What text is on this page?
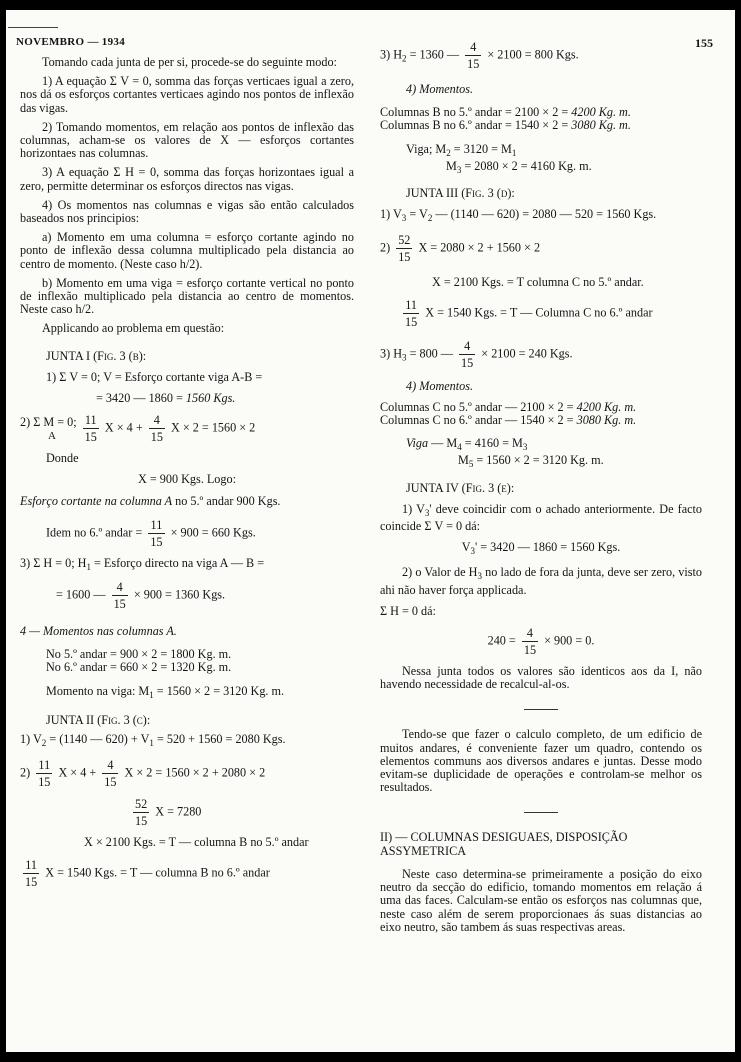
NOVEMBRO — 1934	155

Tomando cada junta de per si, procede-se do seguinte modo:

1) A equação Σ V = 0, somma das forças verticaes igual a zero, nos dá os esforços cortantes verticaes agindo nos pontos de inflexão das vigas.

2) Tomando momentos, em relação aos pontos de inflexão das columnas, acham-se os valores de X — esforços cortantes horizontaes nas columnas.

3) A equação Σ H = 0, somma das forças horizontaes igual a zero, permitte determinar os esforços directos nas vigas.

4) Os momentos nas columnas e vigas são então calculados baseados nos principios:

a) Momento em uma columna = esforço cortante agindo no ponto de inflexão dessa columna multiplicado pela distancia ao centro de momento. (Neste caso h/2).

b) Momento em uma viga = esforço cortante vertical no ponto de inflexão multiplicado pela distancia ao centro de momentos. Neste caso h/2.

Applicando ao problema em questão:

JUNTA I (Fig. 3 (b):

1) Σ V = 0; V = Esforço cortante viga A-B =

= 3420 — 1860 = 1560 Kgs.

2) Σ M = 0;
A
	$\frac{11}{15}$ $X \times 4 + \frac{4}{15}$ X × 2 = 1560 × 2

Donde

X = 900 Kgs. Logo:

Esforço cortante na columna A no 5.º andar 900 Kgs.

Idem no 6.º andar = $\frac{11}{15} \times 900 = 660$ Kgs.

3) Σ H = 0; $H_1$ = Esforço directo na viga A — B =

= 1600 — $\frac{4}{15} \times 900 = 1360$ Kgs.

4 — Momentos nas columnas A.

No 5.º andar = 900 × 2 = 1800 Kg. m.

No 6.º andar = 660 × 2 = 1320 Kg. m.

Momento na viga: $M_1 = 1560 \times 2 = 3120$ Kg. m.

JUNTA II (Fig. 3 (c):

1) $V_2 = (1140$ — $620) + V_1 = 520 + 1560 = 2080$ Kgs.

$2) \frac{11}{15}$ $X \times 4 + \frac{4}{15}$ X × 2 = 1560 × 2 + 2080 × 2

$\frac{52}{15}$ X = 7280

X × 2100 Kgs. = T — columna B no 5.º andar

$\frac{11}{15}$ X = 1540 Kgs. = T — columna B no 6.º andar

3) $H_2 = 1360$ — $\frac{4}{15} \times 2100 = 800$ Kgs.

4) Momentos.

Columnas B no 5.º andar = 2100 × 2 = 4200 Kg. m.

Columnas B no 6.º andar = 1540 × 2 = 3080 Kg. m.

Viga; $M_2 = 3120 = M_1$

$M_3 = 2080 \times 2 = 4160$ Kg. m.

JUNTA III (Fig. 3 (d):

1) $V_3 = V_2$ — (1140 — 620) = 2080 — 520 = 1560 Kgs.

$2) \frac{52}{15}$ X = 2080 × 2 + 1560 × 2

X = 2100 Kgs. = T columna C no 5.º andar.

$\frac{11}{15}$ X = 1540 Kgs. = T — Columna C no 6.º andar

3) $H_3 = 800$ — $\frac{4}{15} \times 2100 = 240$ Kgs.

4) Momentos.

Columnas C no 5.º andar — 2100 × 2 = 4200 Kg. m.

Columnas C no 6.º andar — 1540 × 2 = 3080 Kg. m.

Viga — $M_4 = 4160 = M_3$

$M_5 = 1560 \times 2 = 3120$ Kg. m.

JUNTA IV (Fig. 3 (e):

1) $V_3'$ deve coincidir com o achado anteriormente. De facto coincide Σ V = 0 dá:

$V_3' = 3420$ — 1860 = 1560 Kgs.

2) o Valor de $H_3$ no lado de fora da junta, deve ser zero, visto ahi não haver força applicada.

Σ H = 0 dá:

$240 = \frac{4}{15} \times 900 = 0$.

Nessa junta todos os valores são identicos aos da I, não havendo necessidade de recalcul-al-os.

Tendo-se que fazer o calculo completo, de um edificio de muitos andares, é conveniente fazer um quadro, contendo os elementos communs aos diversos andares e juntas. Desse modo evitam-se duplicidade de operações e controlam-se melhor os resultados.

II) — COLUMNAS DESIGUAES, DISPOSIÇÃO ASSYMETRICA

Neste caso determina-se primeiramente a posição do eixo neutro da secção do edificio, tomando momentos em relação á uma das faces. Calculam-se então os esforços nas columnas que, neste caso além de serem proporcionaes ás suas distancias ao eixo neutro, são tambem ás suas respectivas areas.
